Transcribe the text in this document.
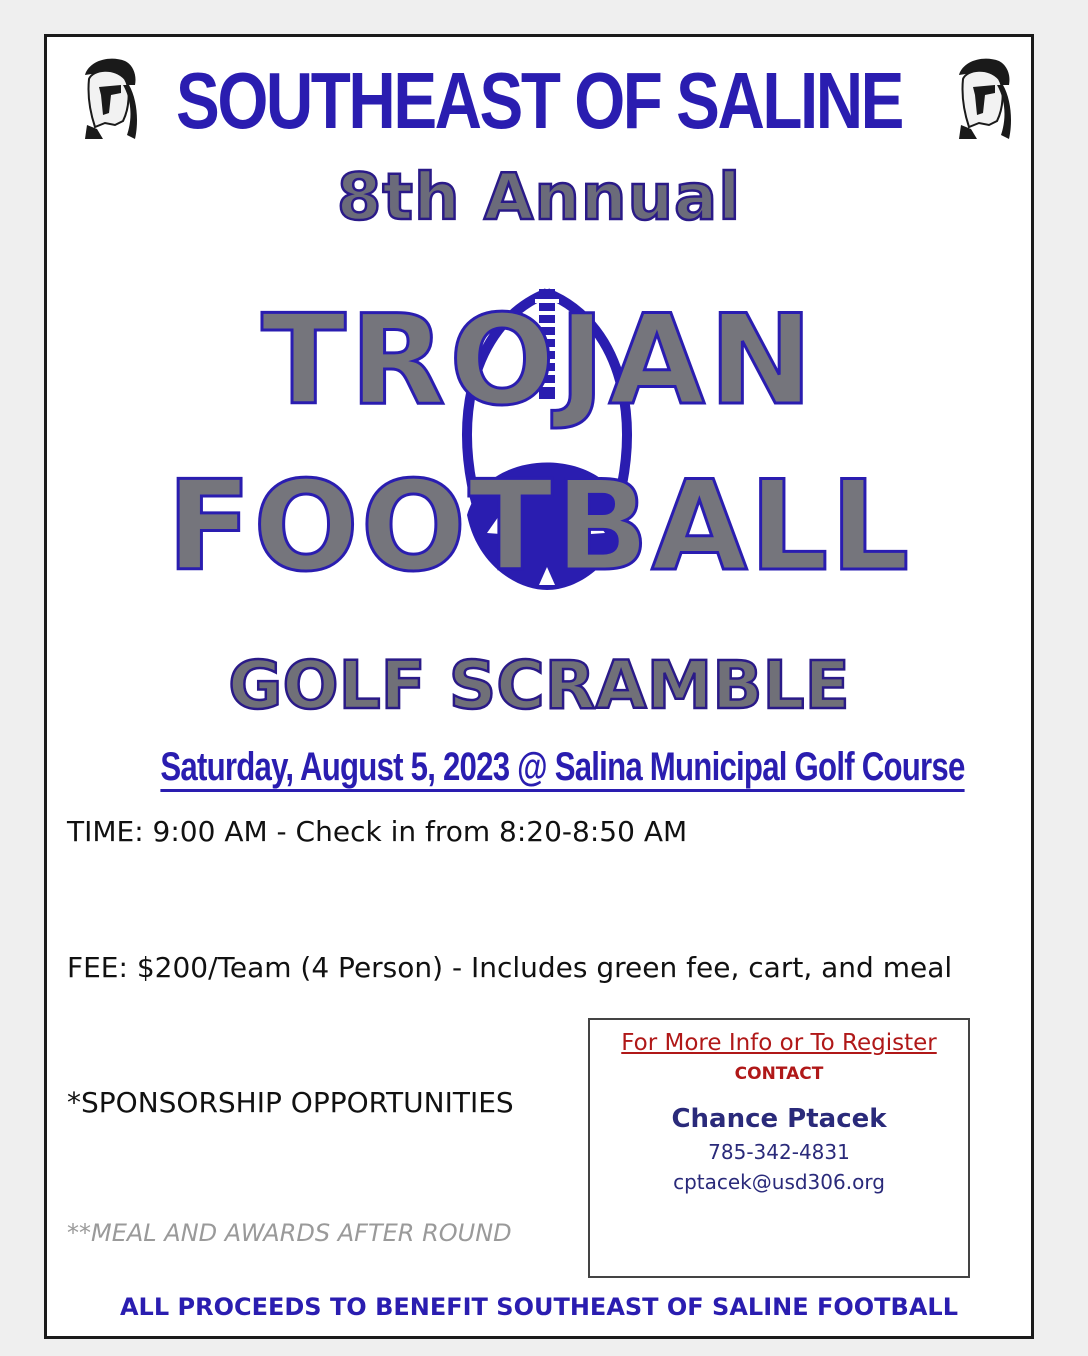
SOUTHEAST OF SALINE
8th Annual
TROJAN
FOOTBALL
GOLF SCRAMBLE
Saturday, August 5, 2023 @ Salina Municipal Golf Course
TIME: 9:00 AM - Check in from 8:20-8:50 AM
FEE: $200/Team (4 Person) - Includes green fee, cart, and meal
*SPONSORSHIP OPPORTUNITIES
**MEAL AND AWARDS AFTER ROUND
For More Info or To Register
CONTACT
Chance Ptacek
785-342-4831
cptacek@usd306.org
ALL PROCEEDS TO BENEFIT SOUTHEAST OF SALINE FOOTBALL
